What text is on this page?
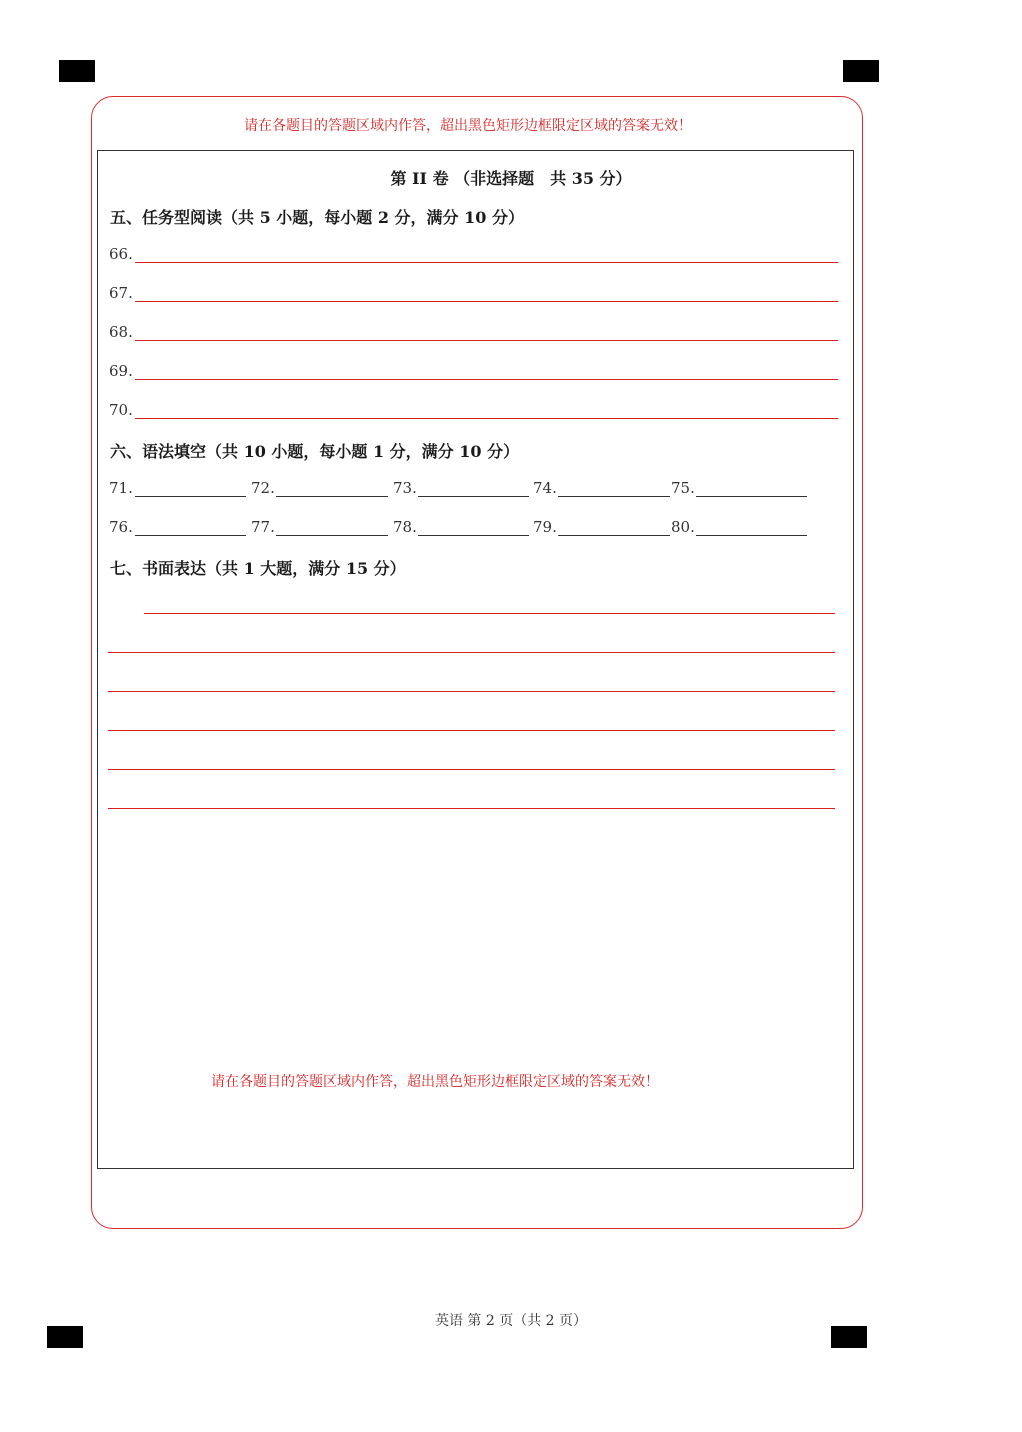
请在各题目的答题区域内作答，超出黑色矩形边框限定区域的答案无效！
第 II 卷 （非选择题　共 35 分）
五、任务型阅读（共 5 小题，每小题 2 分，满分 10 分）
66.
67.
68.
69.
70.
六、语法填空（共 10 小题，每小题 1 分，满分 10 分）
71.	72.	73.	74.	75.
76.	77.	78.	79.	80.
七、书面表达（共 1 大题，满分 15 分）
请在各题目的答题区域内作答，超出黑色矩形边框限定区域的答案无效！
英语 第 2 页（共 2 页）
